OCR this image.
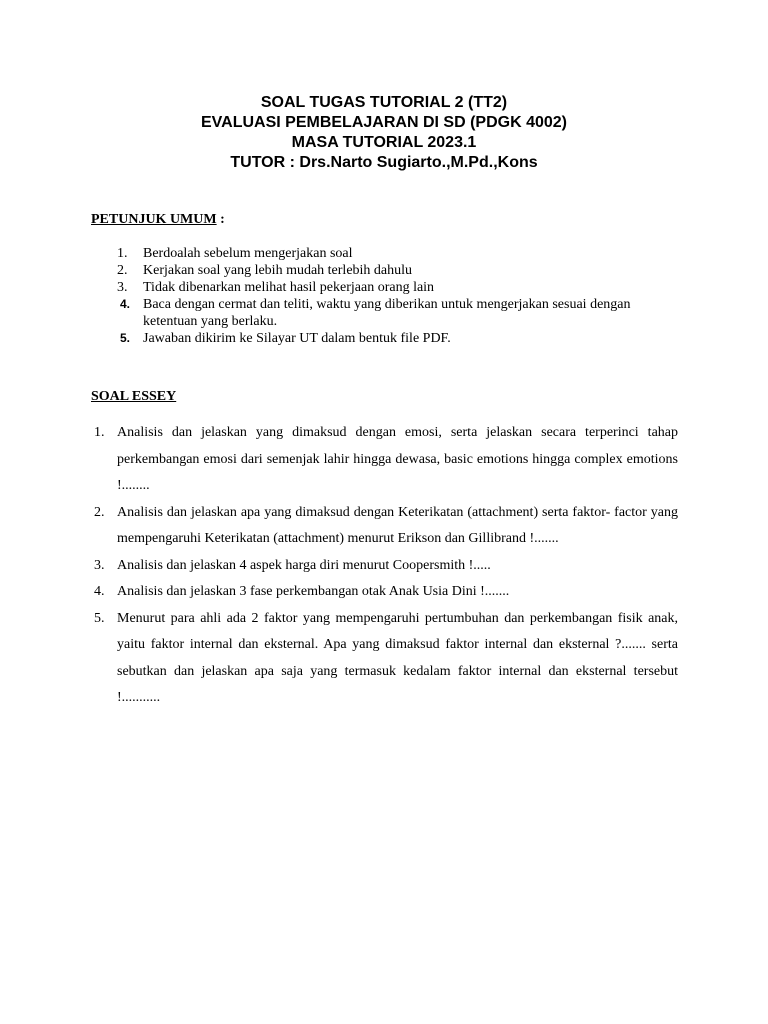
SOAL TUGAS TUTORIAL 2 (TT2)
EVALUASI PEMBELAJARAN DI SD (PDGK 4002)
MASA TUTORIAL 2023.1
TUTOR : Drs.Narto Sugiarto.,M.Pd.,Kons
PETUNJUK UMUM :
1. Berdoalah sebelum mengerjakan soal
2. Kerjakan soal yang lebih mudah terlebih dahulu
3. Tidak dibenarkan melihat hasil pekerjaan orang lain
4. Baca dengan cermat dan teliti, waktu yang diberikan untuk mengerjakan sesuai dengan ketentuan yang berlaku.
5. Jawaban dikirim ke Silayar UT dalam bentuk file PDF.
SOAL ESSEY
1. Analisis dan jelaskan yang dimaksud dengan emosi, serta jelaskan secara terperinci tahap perkembangan emosi dari semenjak lahir hingga dewasa, basic emotions hingga complex emotions !........
2. Analisis dan jelaskan apa yang dimaksud dengan Keterikatan (attachment) serta faktor- factor yang mempengaruhi Keterikatan (attachment) menurut Erikson dan Gillibrand !.......
3. Analisis dan jelaskan 4 aspek harga diri menurut Coopersmith !.....
4. Analisis dan jelaskan 3 fase perkembangan otak Anak Usia Dini !.......
5. Menurut para ahli ada 2 faktor yang mempengaruhi pertumbuhan dan perkembangan fisik anak, yaitu faktor internal dan eksternal. Apa yang dimaksud faktor internal dan eksternal ?....... serta sebutkan dan jelaskan apa saja yang termasuk kedalam faktor internal dan eksternal tersebut !...........
